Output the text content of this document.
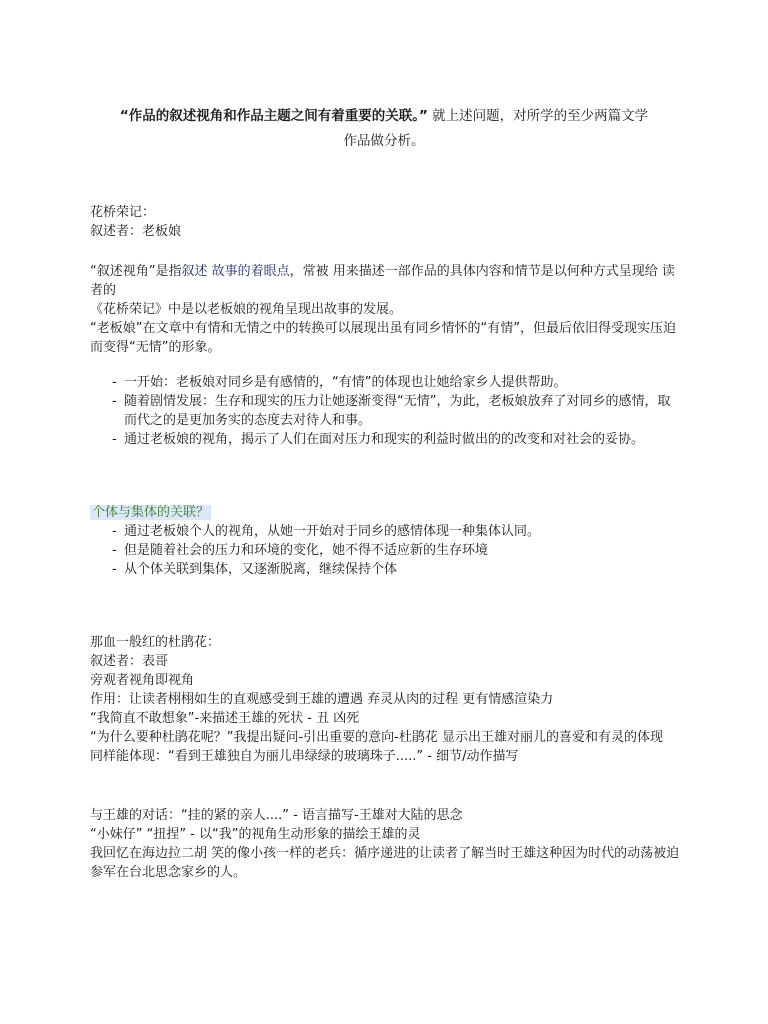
“作品的叙述视角和作品主题之间有着重要的关联。” 就上述问题，对所学的至少两篇文学
作品做分析。
花桥荣记：
叙述者：老板娘
“叙述视角”是指叙述 故事的着眼点，常被 用来描述一部作品的具体内容和情节是以何种方式呈现给 读者的
《花桥荣记》中是以老板娘的视角呈现出故事的发展。
“老板娘”在文章中有情和无情之中的转换可以展现出虽有同乡情怀的“有情”，但最后依旧得受现实压迫而变得“无情”的形象。
- 一开始：老板娘对同乡是有感情的，“有情”的体现也让她给家乡人提供帮助。
- 随着剧情发展：生存和现实的压力让她逐渐变得“无情”，为此，老板娘放弃了对同乡的感情，取而代之的是更加务实的态度去对待人和事。
- 通过老板娘的视角，揭示了人们在面对压力和现实的利益时做出的的改变和对社会的妥协。
个体与集体的关联？
- 通过老板娘个人的视角，从她一开始对于同乡的感情体现一种集体认同。
- 但是随着社会的压力和环境的变化，她不得不适应新的生存环境
- 从个体关联到集体，又逐渐脱离，继续保持个体
那血一般红的杜鹃花：
叙述者：表哥
旁观者视角即视角
作用：让读者栩栩如生的直观感受到王雄的遭遇 弃灵从肉的过程 更有情感渲染力
“我简直不敢想象”-来描述王雄的死状 - 丑 凶死
“为什么要种杜鹃花呢？”我提出疑问-引出重要的意向-杜鹃花 显示出王雄对丽儿的喜爱和有灵的体现
同样能体现：“看到王雄独自为丽儿串绿绿的玻璃珠子.....” - 细节/动作描写
与王雄的对话：“挂的紧的亲人....” - 语言描写-王雄对大陆的思念
“小妹仔” “扭捏” - 以“我”的视角生动形象的描绘王雄的灵
我回忆在海边拉二胡 笑的像小孩一样的老兵：循序递进的让读者了解当时王雄这种因为时代的动荡被迫参军在台北思念家乡的人。
